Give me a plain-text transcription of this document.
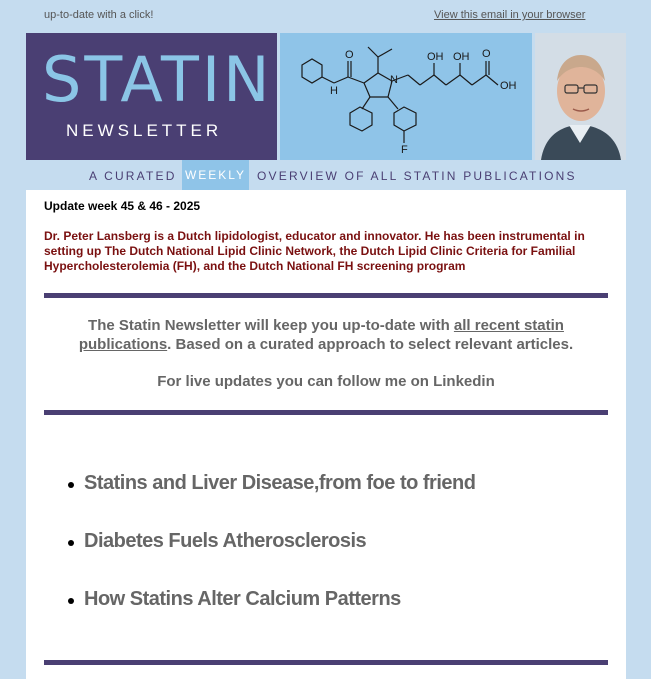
up-to-date with a click!	View this email in your browser
STATIN
NEWSLETTER
O
H
N
F
OH OH O
OH
A CURATED WEEKLY OVERVIEW OF ALL STATIN PUBLICATIONS
Update week 45 & 46 - 2025
Dr. Peter Lansberg is a Dutch lipidologist, educator and innovator. He has been instrumental in setting up The Dutch National Lipid Clinic Network, the Dutch Lipid Clinic Criteria for Familial Hypercholesterolemia (FH), and the Dutch National FH screening program
The Statin Newsletter will keep you up-to-date with all recent statin publications. Based on a curated approach to select relevant articles.
For live updates you can follow me on Linkedin
Statins and Liver Disease,from foe to friend
Diabetes Fuels Atherosclerosis
How Statins Alter Calcium Patterns
